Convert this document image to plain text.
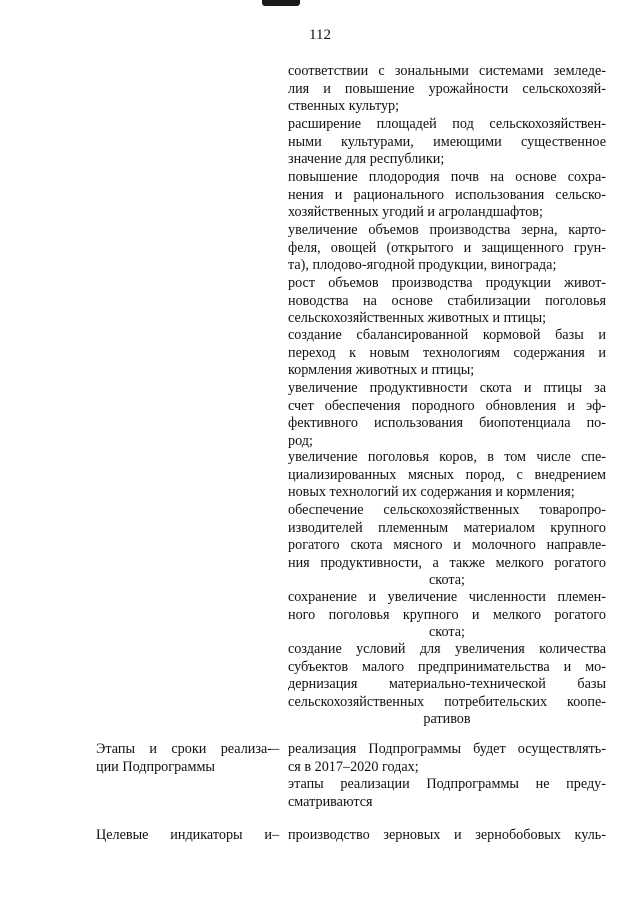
112

соответствии с зональными системами земледе-
лия и повышение урожайности сельскохозяй-
ственных культур;

расширение площадей под сельскохозяйствен-
ными культурами, имеющими существенное
значение для республики;

повышение плодородия почв на основе сохра-
нения и рационального использования сельско-
хозяйственных угодий и агроландшафтов;

увеличение объемов производства зерна, карто-
феля, овощей (открытого и защищенного грун-
та), плодово-ягодной продукции, винограда;

рост объемов производства продукции живот-
новодства на основе стабилизации поголовья
сельскохозяйственных животных и птицы;

создание сбалансированной кормовой базы и
переход к новым технологиям содержания и
кормления животных и птицы;

увеличение продуктивности скота и птицы за
счет обеспечения породного обновления и эф-
фективного использования биопотенциала по-
род;

увеличение поголовья коров, в том числе спе-
циализированных мясных пород, с внедрением
новых технологий их содержания и кормления;

обеспечение сельскохозяйственных товаропро-
изводителей племенным материалом крупного
рогатого скота мясного и молочного направле-
ния продуктивности, а также мелкого рогатого
скота;

сохранение и увеличение численности племен-
ного поголовья крупного и мелкого рогатого
скота;

создание условий для увеличения количества
субъектов малого предпринимательства и мо-
дернизация материально-технической базы
сельскохозяйственных потребительских коопе-
ративов

Этапы и сроки реализа-
ции Подпрограммы

– реализация Подпрограммы будет осуществлять-
ся в 2017–2020 годах;

этапы реализации Подпрограммы не преду-
сматриваются

Целевые индикаторы и – производство зерновых и зернобобовых куль-
